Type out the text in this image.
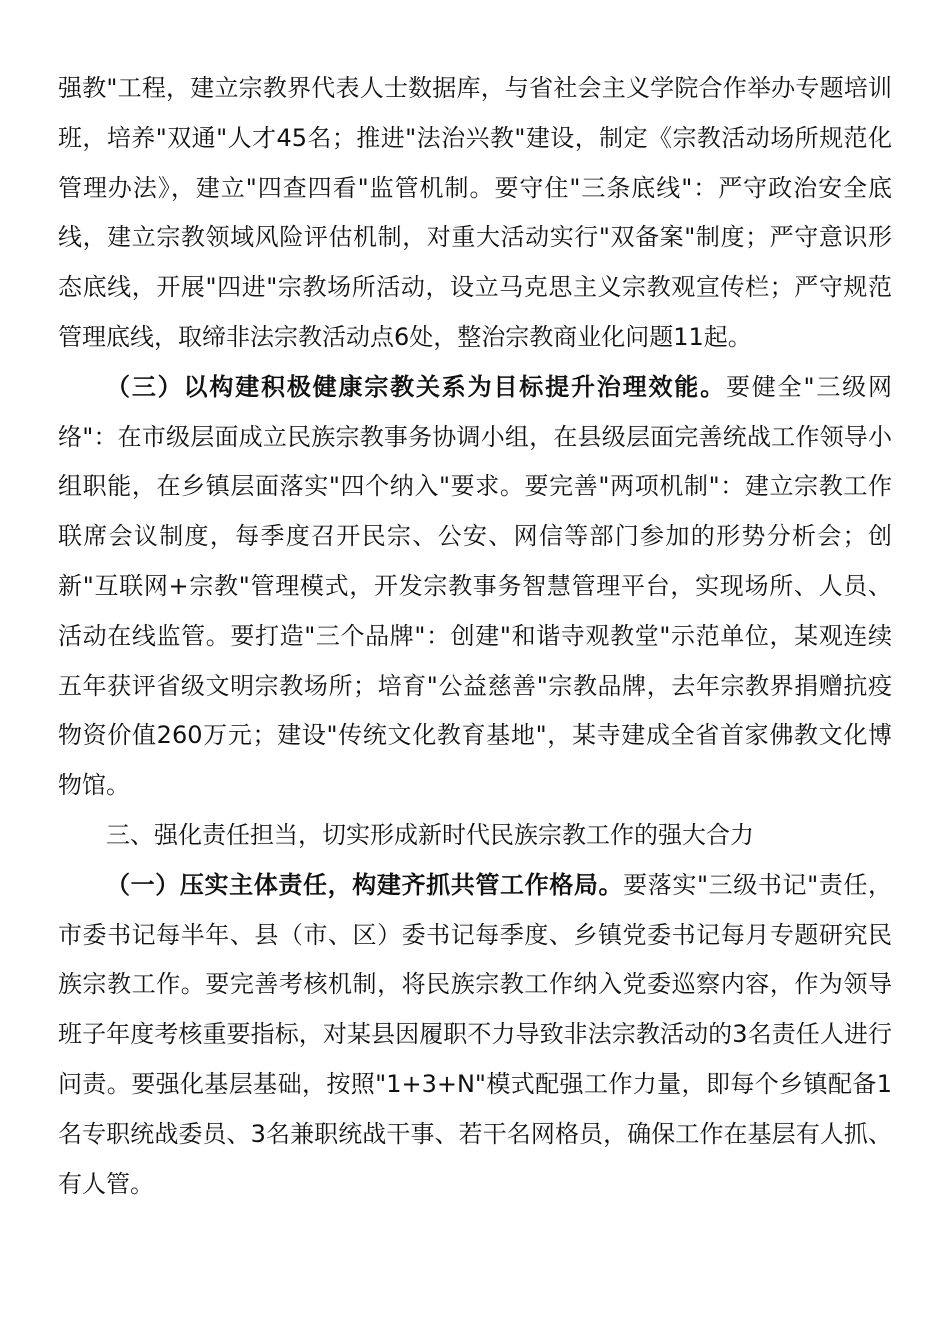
强教"工程，建立宗教界代表人士数据库，与省社会主义学院合作举办专题培训班，培养"双通"人才45名；推进"法治兴教"建设，制定《宗教活动场所规范化管理办法》，建立"四查四看"监管机制。要守住"三条底线"：严守政治安全底线，建立宗教领域风险评估机制，对重大活动实行"双备案"制度；严守意识形态底线，开展"四进"宗教场所活动，设立马克思主义宗教观宣传栏；严守规范管理底线，取缔非法宗教活动点6处，整治宗教商业化问题11起。

（三）以构建积极健康宗教关系为目标提升治理效能。要健全"三级网络"：在市级层面成立民族宗教事务协调小组，在县级层面完善统战工作领导小组职能，在乡镇层面落实"四个纳入"要求。要完善"两项机制"：建立宗教工作联席会议制度，每季度召开民宗、公安、网信等部门参加的形势分析会；创新"互联网+宗教"管理模式，开发宗教事务智慧管理平台，实现场所、人员、活动在线监管。要打造"三个品牌"：创建"和谐寺观教堂"示范单位，某观连续五年获评省级文明宗教场所；培育"公益慈善"宗教品牌，去年宗教界捐赠抗疫物资价值260万元；建设"传统文化教育基地"，某寺建成全省首家佛教文化博物馆。

三、强化责任担当，切实形成新时代民族宗教工作的强大合力

（一）压实主体责任，构建齐抓共管工作格局。要落实"三级书记"责任，市委书记每半年、县（市、区）委书记每季度、乡镇党委书记每月专题研究民族宗教工作。要完善考核机制，将民族宗教工作纳入党委巡察内容，作为领导班子年度考核重要指标，对某县因履职不力导致非法宗教活动的3名责任人进行问责。要强化基层基础，按照"1+3+N"模式配强工作力量，即每个乡镇配备1名专职统战委员、3名兼职统战干事、若干名网格员，确保工作在基层有人抓、有人管。
